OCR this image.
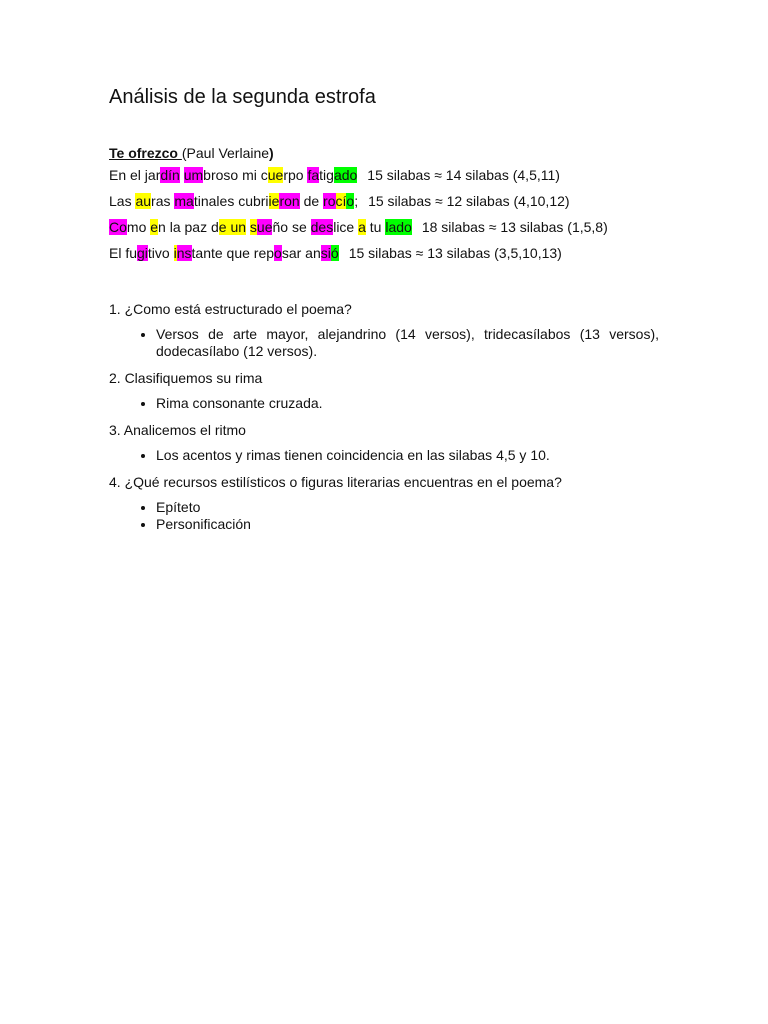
Análisis de la segunda estrofa
Te ofrezco (Paul Verlaine)
En el jardín umbroso mi cuerpo fatigado 15 silabas ≈ 14 silabas (4,5,11)
Las auras matinales cubriieron de rocío; 15 silabas ≈ 12 silabas (4,10,12)
Como en la paz de un sueño se deslice a tu lado 18 silabas ≈ 13 silabas (1,5,8)
El fugitivo instante que reposar ansió 15 silabas ≈ 13 silabas (3,5,10,13)
1. ¿Como está estructurado el poema?
• Versos de arte mayor, alejandrino (14 versos), tridecasílabos (13 versos), dodecasílabo (12 versos).
2. Clasifiquemos su rima
• Rima consonante cruzada.
3. Analicemos el ritmo
• Los acentos y rimas tienen coincidencia en las silabas 4,5 y 10.
4. ¿Qué recursos estilísticos o figuras literarias encuentras en el poema?
• Epíteto
• Personificación
